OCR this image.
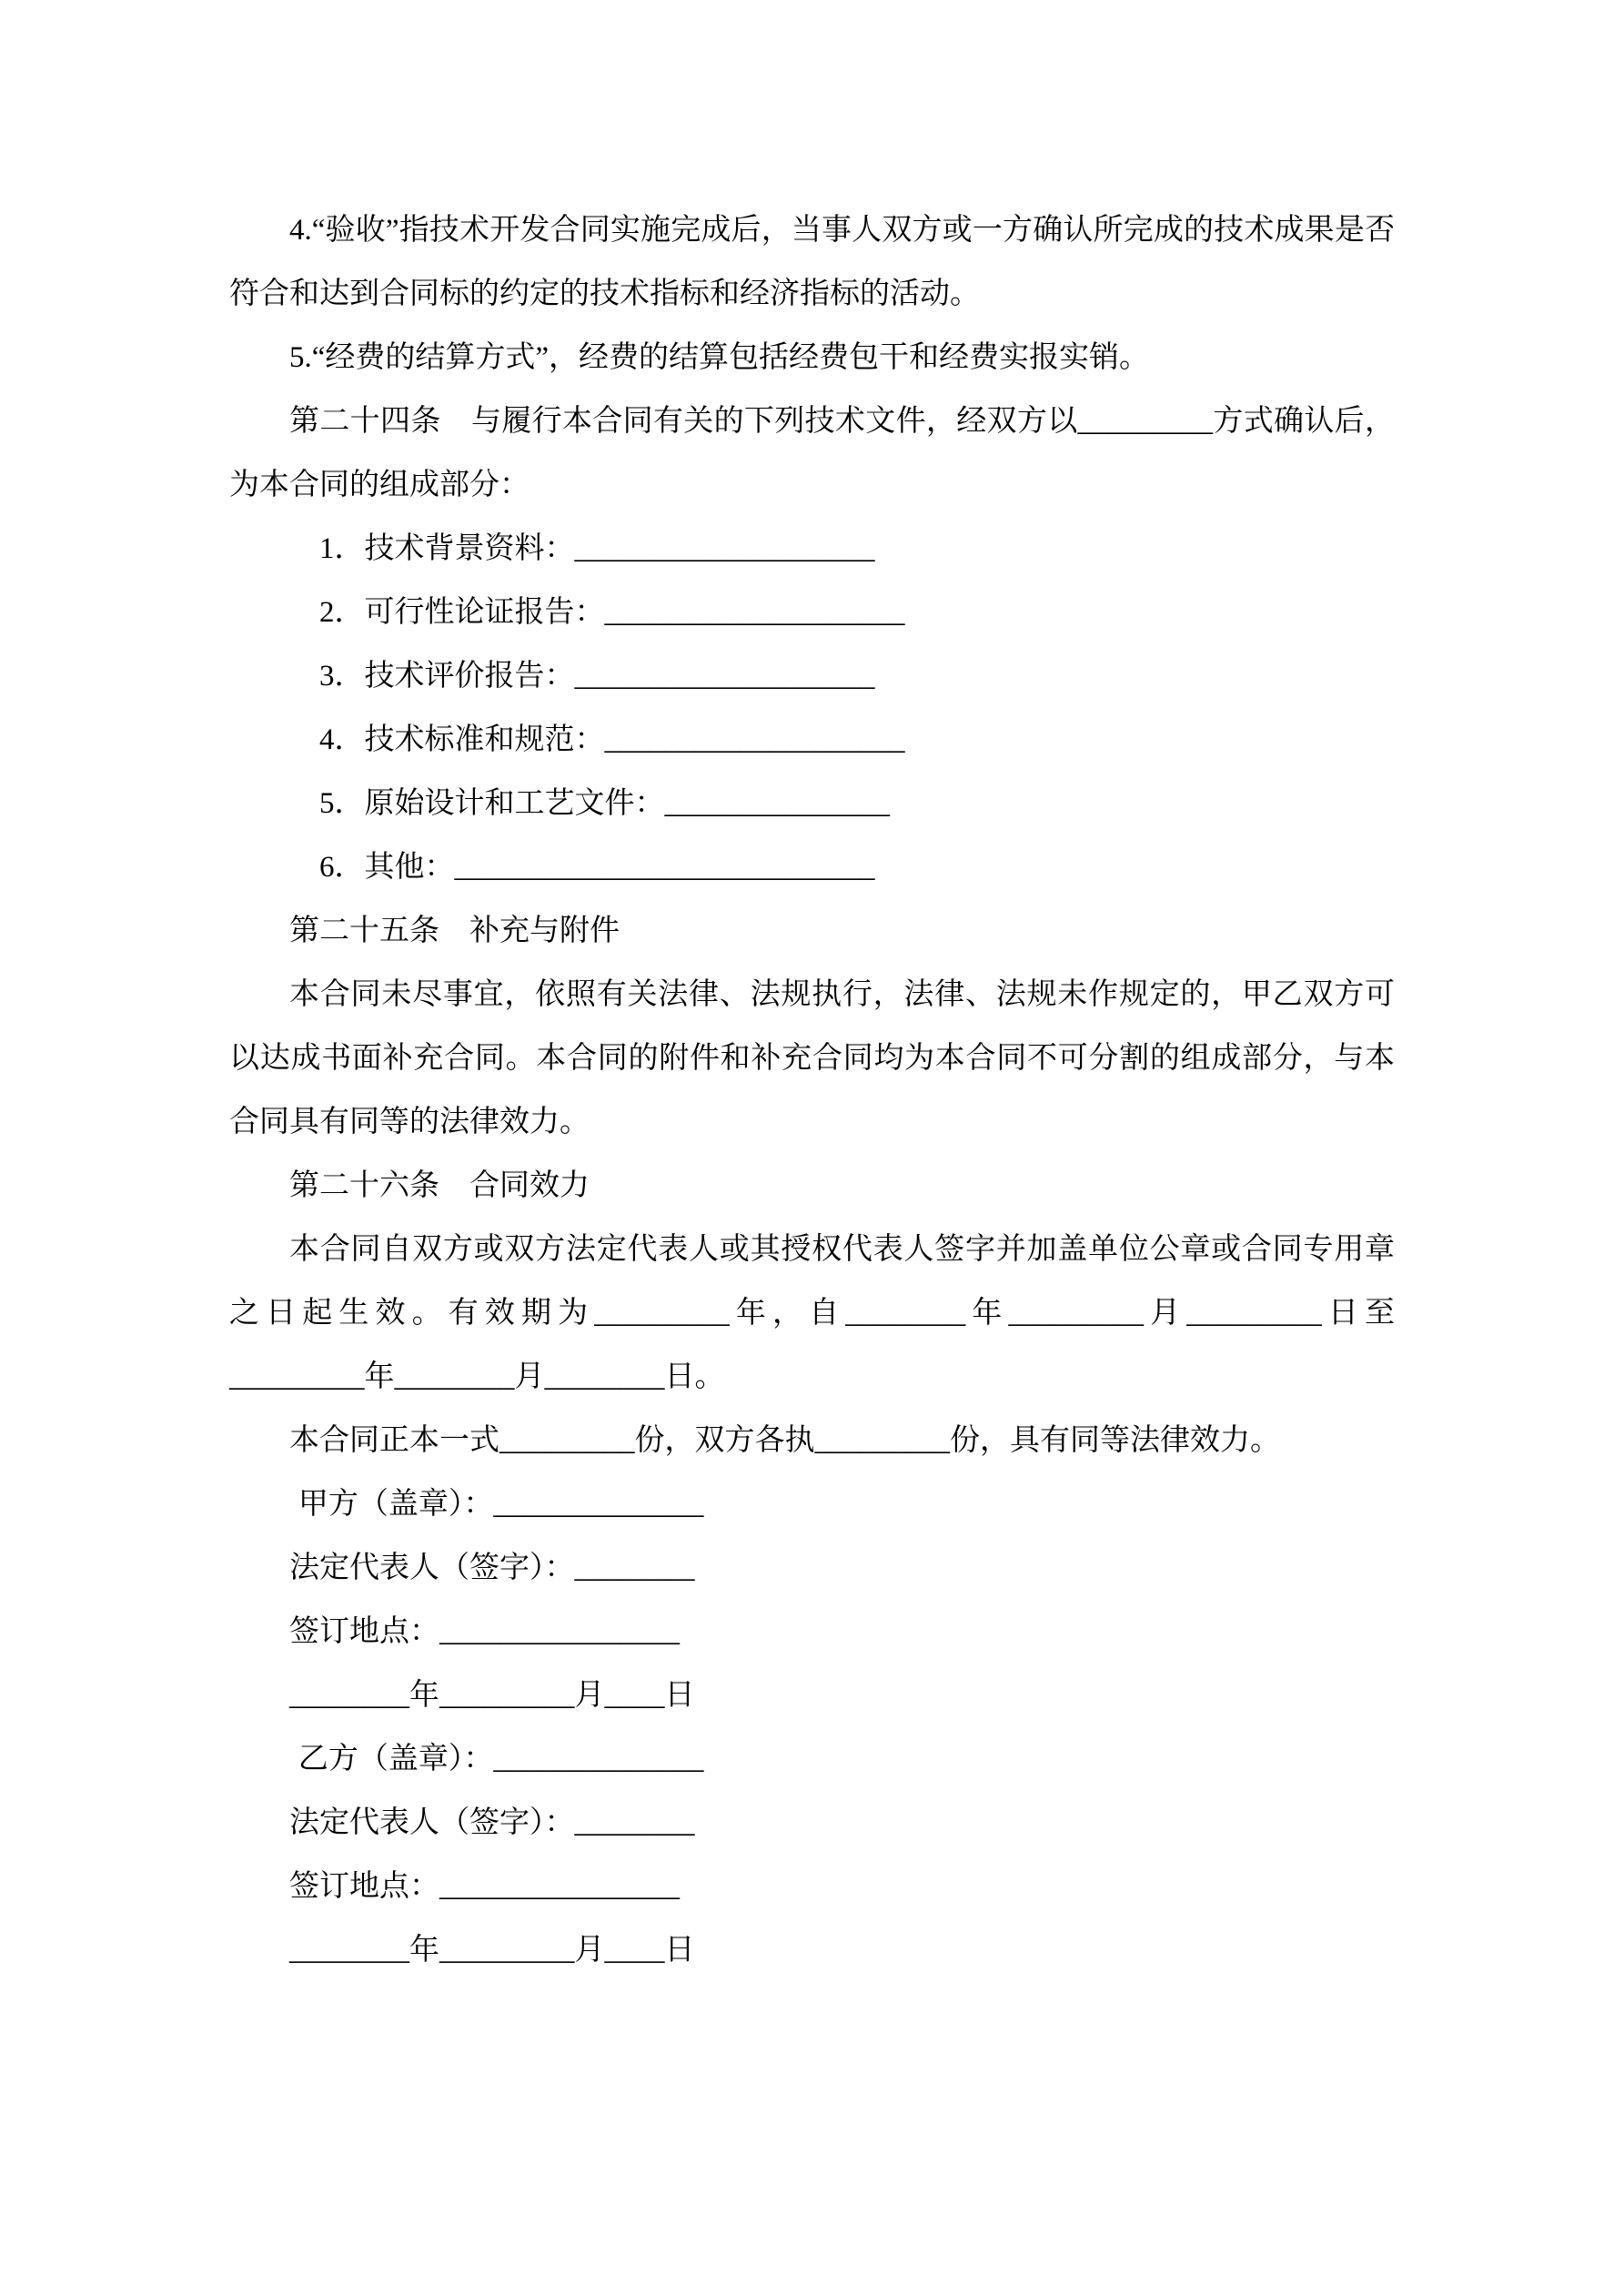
4.“验收”指技术开发合同实施完成后，当事人双方或一方确认所完成的技术成果是否符合和达到合同标的约定的技术指标和经济指标的活动。

5.“经费的结算方式”，经费的结算包括经费包干和经费实报实销。

第二十四条　与履行本合同有关的下列技术文件，经双方以_________方式确认后，为本合同的组成部分：

1．技术背景资料：____________________

2．可行性论证报告：____________________

3．技术评价报告：____________________

4．技术标准和规范：____________________

5．原始设计和工艺文件：_______________

6．其他：____________________________

第二十五条　补充与附件

本合同未尽事宜，依照有关法律、法规执行，法律、法规未作规定的，甲乙双方可以达成书面补充合同。本合同的附件和补充合同均为本合同不可分割的组成部分，与本合同具有同等的法律效力。

第二十六条　合同效力

本合同自双方或双方法定代表人或其授权代表人签字并加盖单位公章或合同专用章之日起生效。有效期为_________年，自________年_________月_________日至_________年________月________日。

本合同正本一式_________份，双方各执_________份，具有同等法律效力。

甲方（盖章）：______________

法定代表人（签字）：________

签订地点：________________

________年_________月____日

乙方（盖章）：______________

法定代表人（签字）：________

签订地点：________________

________年_________月____日
